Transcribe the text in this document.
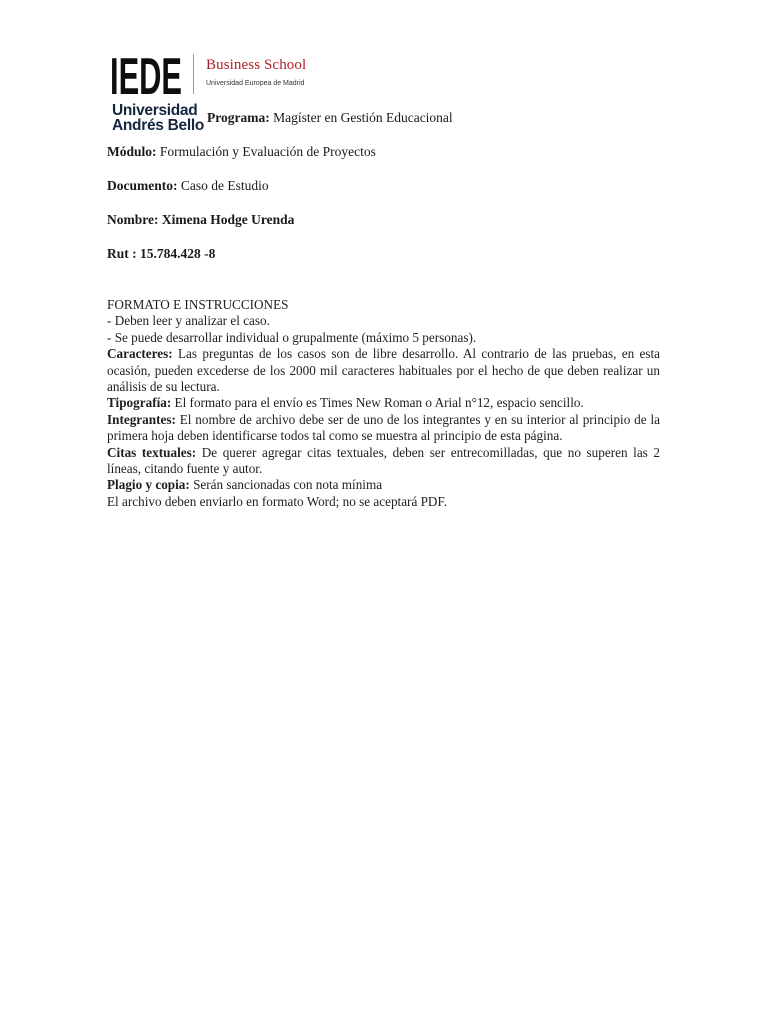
IEDE Business School
Universidad Europea de Madrid
Universidad
Andrés Bello Programa: Magíster en Gestión Educacional
Módulo: Formulación y Evaluación de Proyectos
Documento: Caso de Estudio
Nombre: Ximena Hodge Urenda
Rut : 15.784.428 -8
FORMATO E INSTRUCCIONES
- Deben leer y analizar el caso.
- Se puede desarrollar individual o grupalmente (máximo 5 personas).
Caracteres: Las preguntas de los casos son de libre desarrollo. Al contrario de las pruebas, en esta ocasión, pueden excederse de los 2000 mil caracteres habituales por el hecho de que deben realizar un análisis de su lectura.
Tipografía: El formato para el envío es Times New Roman o Arial n°12, espacio sencillo.
Integrantes: El nombre de archivo debe ser de uno de los integrantes y en su interior al principio de la primera hoja deben identificarse todos tal como se muestra al principio de esta página.
Citas textuales: De querer agregar citas textuales, deben ser entrecomilladas, que no superen las 2 líneas, citando fuente y autor.
Plagio y copia: Serán sancionadas con nota mínima
El archivo deben enviarlo en formato Word; no se aceptará PDF.
